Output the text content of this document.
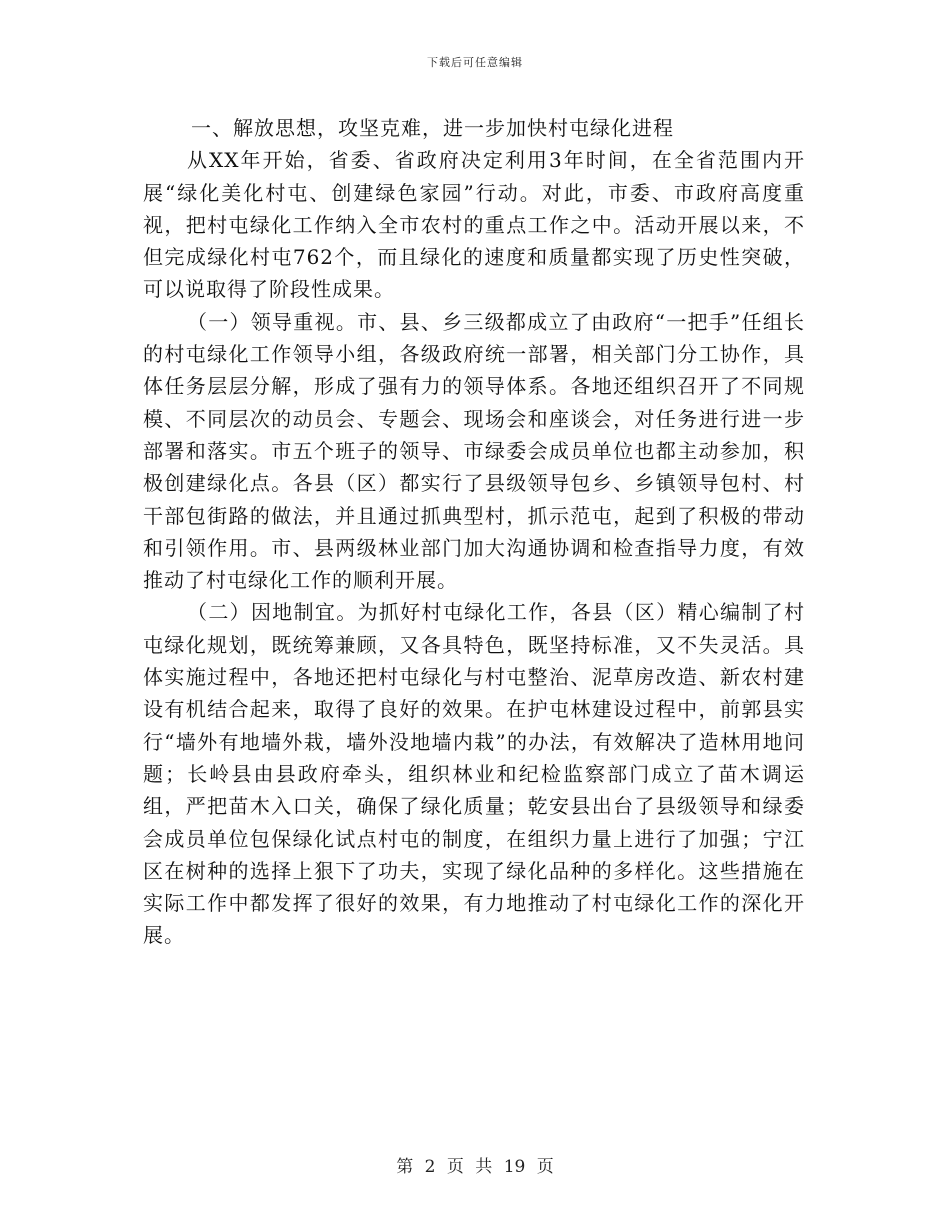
下载后可任意编辑

一、解放思想，攻坚克难，进一步加快村屯绿化进程

从XX年开始，省委、省政府决定利用3年时间，在全省范围内开展“绿化美化村屯、创建绿色家园”行动。对此，市委、市政府高度重视，把村屯绿化工作纳入全市农村的重点工作之中。活动开展以来，不但完成绿化村屯762个，而且绿化的速度和质量都实现了历史性突破，可以说取得了阶段性成果。

（一）领导重视。市、县、乡三级都成立了由政府“一把手”任组长的村屯绿化工作领导小组，各级政府统一部署，相关部门分工协作，具体任务层层分解，形成了强有力的领导体系。各地还组织召开了不同规模、不同层次的动员会、专题会、现场会和座谈会，对任务进行进一步部署和落实。市五个班子的领导、市绿委会成员单位也都主动参加，积极创建绿化点。各县（区）都实行了县级领导包乡、乡镇领导包村、村干部包街路的做法，并且通过抓典型村，抓示范屯，起到了积极的带动和引领作用。市、县两级林业部门加大沟通协调和检查指导力度，有效推动了村屯绿化工作的顺利开展。

（二）因地制宜。为抓好村屯绿化工作，各县（区）精心编制了村屯绿化规划，既统筹兼顾，又各具特色，既坚持标准，又不失灵活。具体实施过程中，各地还把村屯绿化与村屯整治、泥草房改造、新农村建设有机结合起来，取得了良好的效果。在护屯林建设过程中，前郭县实行“墙外有地墙外栽，墙外没地墙内栽”的办法，有效解决了造林用地问题；长岭县由县政府牵头，组织林业和纪检监察部门成立了苗木调运组，严把苗木入口关，确保了绿化质量；乾安县出台了县级领导和绿委会成员单位包保绿化试点村屯的制度，在组织力量上进行了加强；宁江区在树种的选择上狠下了功夫，实现了绿化品种的多样化。这些措施在实际工作中都发挥了很好的效果，有力地推动了村屯绿化工作的深化开展。

第 2 页 共 19 页
